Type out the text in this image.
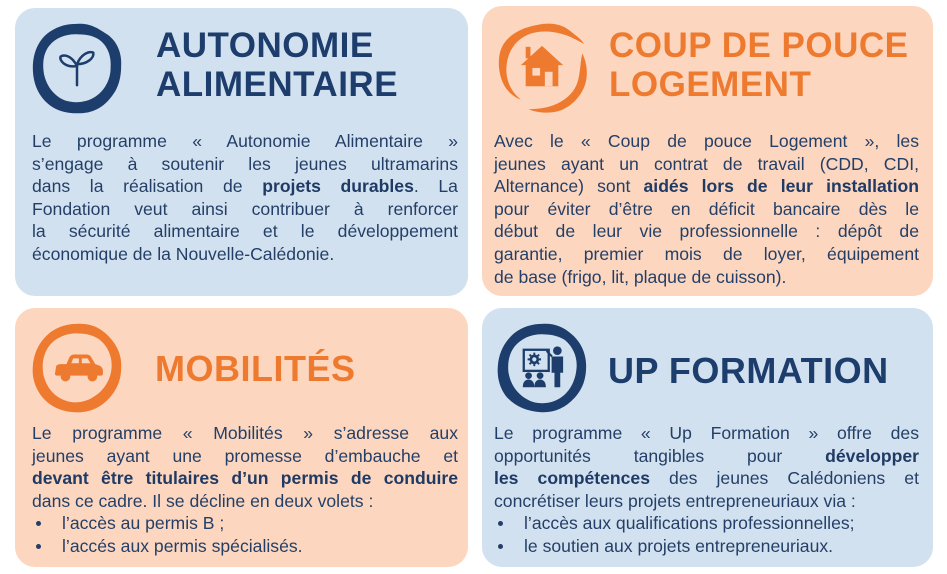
AUTONOMIE
ALIMENTAIRE
Le programme « Autonomie Alimentaire »
s’engage à soutenir les jeunes ultramarins
dans la réalisation de projets durables. La
Fondation veut ainsi contribuer à renforcer
la sécurité alimentaire et le développement
économique de la Nouvelle-Calédonie.
COUP DE POUCE
LOGEMENT
Avec le « Coup de pouce Logement », les
jeunes ayant un contrat de travail (CDD, CDI,
Alternance) sont aidés lors de leur installation
pour éviter d’être en déficit bancaire dès le
début de leur vie professionnelle : dépôt de
garantie, premier mois de loyer, équipement
de base (frigo, lit, plaque de cuisson).
MOBILITÉS
Le programme « Mobilités » s’adresse aux
jeunes ayant une promesse d’embauche et
devant être titulaires d’un permis de conduire
dans ce cadre. Il se décline en deux volets :
l’accès au permis B ;
l’accés aux permis spécialisés.
UP FORMATION
Le programme « Up Formation » offre des
opportunités tangibles pour développer
les compétences des jeunes Calédoniens et
concrétiser leurs projets entrepreneuriaux via :
l’accès aux qualifications professionnelles;
le soutien aux projets entrepreneuriaux.
